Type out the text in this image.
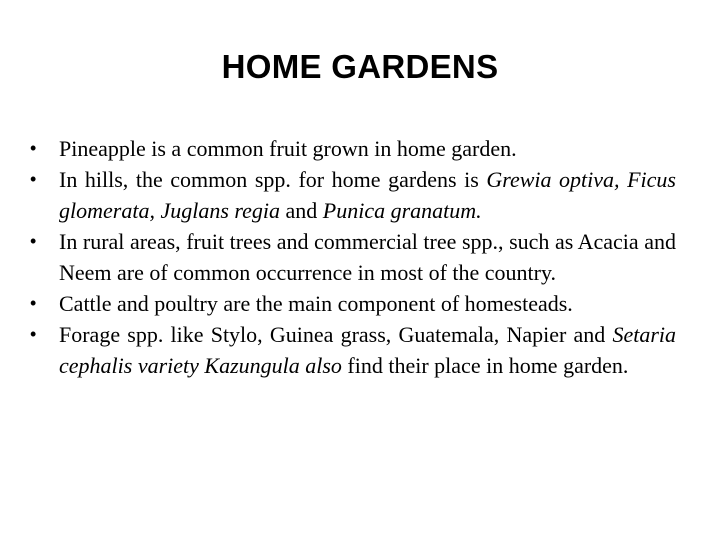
HOME GARDENS
• Pineapple is a common fruit grown in home garden.
• In hills, the common spp. for home gardens is Grewia optiva, Ficus glomerata, Juglans regia and Punica granatum.
• In rural areas, fruit trees and commercial tree spp., such as Acacia and Neem are of common occurrence in most of the country.
• Cattle and poultry are the main component of homesteads.
• Forage spp. like Stylo, Guinea grass, Guatemala, Napier and Setaria cephalis variety Kazungula also find their place in home garden.
